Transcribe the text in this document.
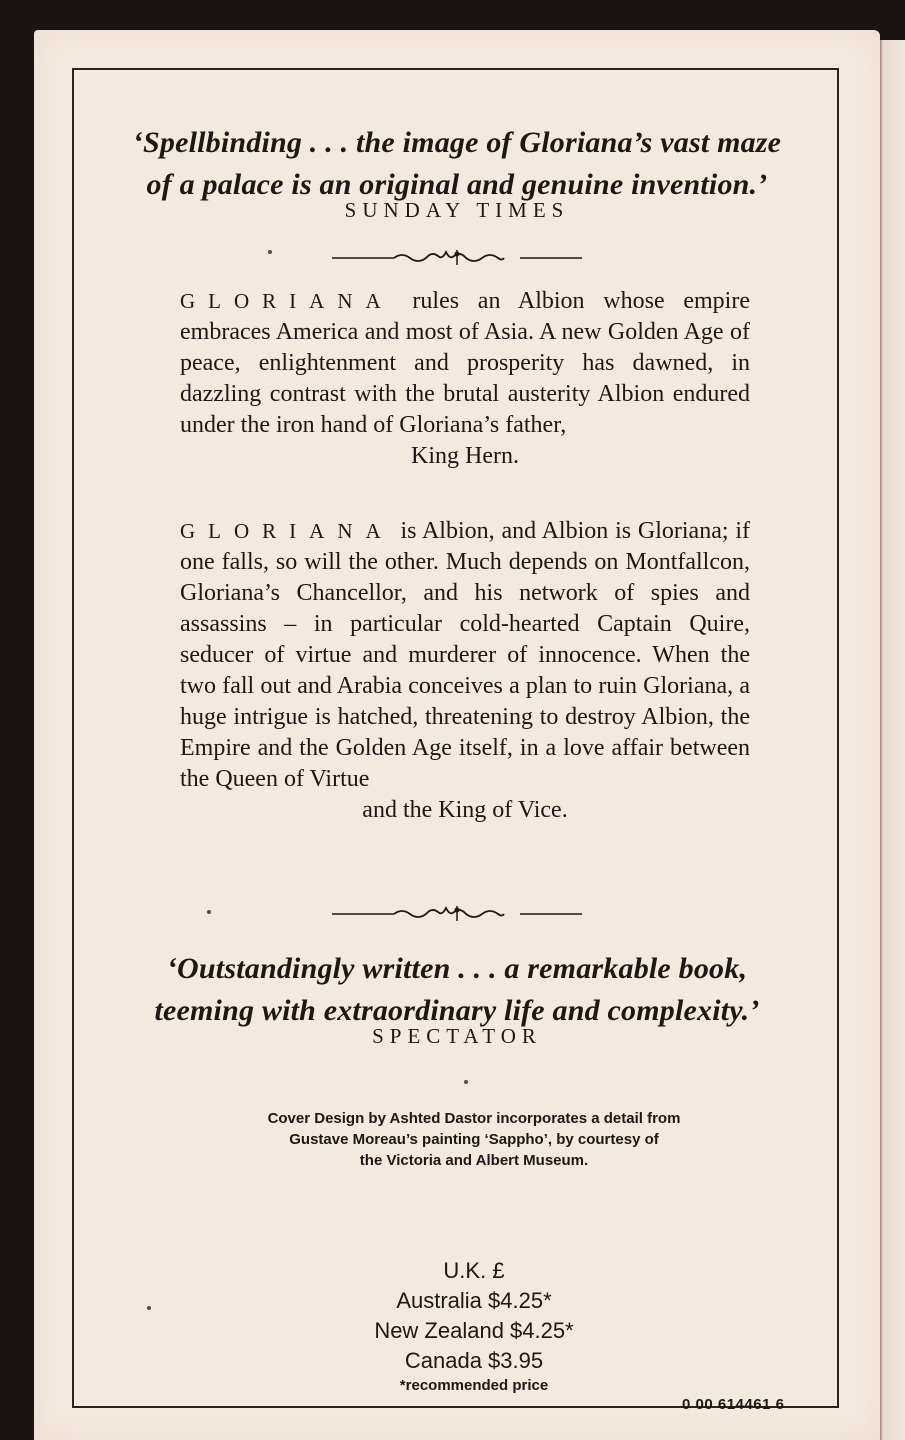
‘Spellbinding . . . the image of Gloriana’s vast maze
of a palace is an original and genuine invention.’
SUNDAY TIMES
GLORIANA rules an Albion whose empire embraces America and most of Asia. A new Golden Age of peace, enlightenment and prosperity has dawned, in dazzling contrast with the brutal austerity Albion endured under the iron hand of Gloriana’s father,
King Hern.
GLORIANA is Albion, and Albion is Gloriana; if one falls, so will the other. Much depends on Montfallcon, Gloriana’s Chancellor, and his network of spies and assassins – in particular cold-hearted Captain Quire, seducer of virtue and murderer of innocence. When the two fall out and Arabia conceives a plan to ruin Gloriana, a huge intrigue is hatched, threatening to destroy Albion, the Empire and the Golden Age itself, in a love affair between the Queen of Virtue
and the King of Vice.
‘Outstandingly written . . . a remarkable book,
teeming with extraordinary life and complexity.’
SPECTATOR
Cover Design by Ashted Dastor incorporates a detail from
Gustave Moreau’s painting ‘Sappho’, by courtesy of
the Victoria and Albert Museum.
U.K. £
Australia $4.25*
New Zealand $4.25*
Canada $3.95
*recommended price
0 00 614461 6
